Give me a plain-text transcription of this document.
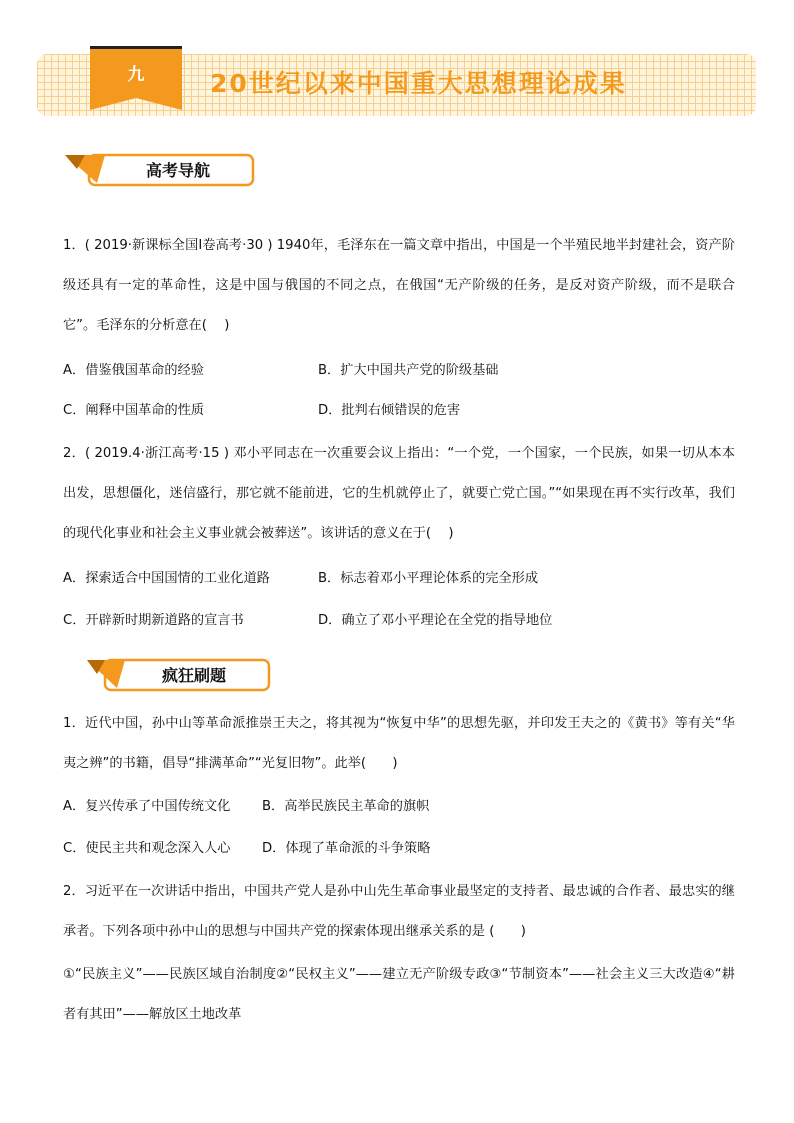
九	20世纪以来中国重大思想理论成果
高考导航

1．( 2019·新课标全国Ⅰ卷高考·30 ) 1940年，毛泽东在一篇文章中指出，中国是一个半殖民地半封建社会，资产阶级还具有一定的革命性，这是中国与俄国的不同之点，在俄国“无产阶级的任务，是反对资产阶级，而不是联合它”。毛泽东的分析意在(　 )

A．借鉴俄国革命的经验	B．扩大中国共产党的阶级基础
C．阐释中国革命的性质	D．批判右倾错误的危害

2．( 2019.4·浙江高考·15 ) 邓小平同志在一次重要会议上指出：“一个党，一个国家，一个民族，如果一切从本本出发，思想僵化，迷信盛行，那它就不能前进，它的生机就停止了，就要亡党亡国。”“如果现在再不实行改革，我们的现代化事业和社会主义事业就会被葬送”。该讲话的意义在于(　 )

A．探索适合中国国情的工业化道路	B．标志着邓小平理论体系的完全形成
C．开辟新时期新道路的宣言书	D．确立了邓小平理论在全党的指导地位
疯狂刷题

1．近代中国，孙中山等革命派推崇王夫之，将其视为“恢复中华”的思想先驱，并印发王夫之的《黄书》等有关“华夷之辨”的书籍，倡导“排满革命”“光复旧物”。此举(　　)

A．复兴传承了中国传统文化 B．高举民族民主革命的旗帜
C．使民主共和观念深入人心 D．体现了革命派的斗争策略

2．习近平在一次讲话中指出，中国共产党人是孙中山先生革命事业最坚定的支持者、最忠诚的合作者、最忠实的继承者。下列各项中孙中山的思想与中国共产党的探索体现出继承关系的是 (　　)

①“民族主义”——民族区域自治制度②“民权主义”——建立无产阶级专政③“节制资本”——社会主义三大改造④“耕者有其田”——解放区土地改革
